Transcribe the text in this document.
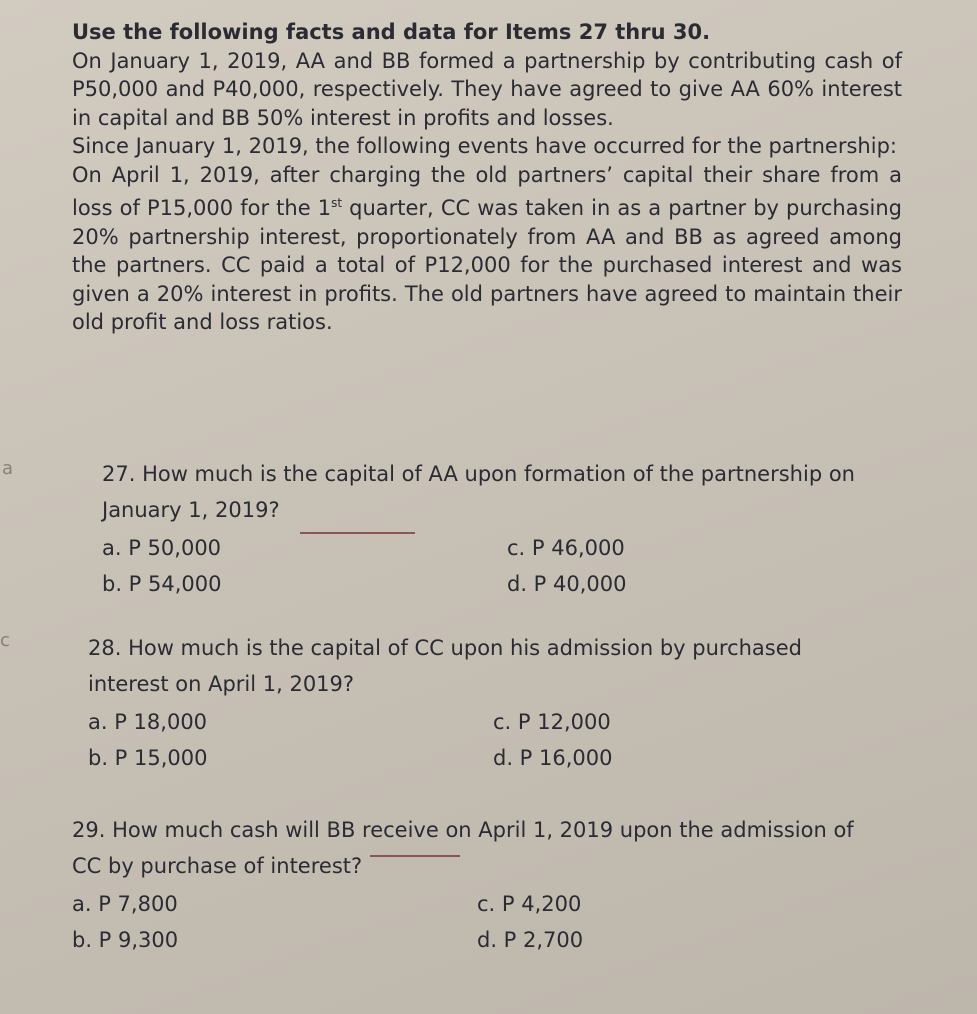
Use the following facts and data for Items 27 thru 30.

On January 1, 2019, AA and BB formed a partnership by contributing cash of P50,000 and P40,000, respectively. They have agreed to give AA 60% interest in capital and BB 50% interest in profits and losses.

Since January 1, 2019, the following events have occurred for the partnership:

On April 1, 2019, after charging the old partners’ capital their share from a loss of P15,000 for the 1st quarter, CC was taken in as a partner by purchasing 20% partnership interest, proportionately from AA and BB as agreed among the partners. CC paid a total of P12,000 for the purchased interest and was given a 20% interest in profits. The old partners have agreed to maintain their old profit and loss ratios.

a	27. How much is the capital of AA upon formation of the partnership on January 1, 2019?

a. P 50,000
b. P 54,000
c. P 46,000
d. P 40,000
c	28. How much is the capital of CC upon his admission by purchased interest on April 1, 2019?

a. P 18,000
b. P 15,000
c. P 12,000
d. P 16,000

29. How much cash will BB receive on April 1, 2019 upon the admission of CC by purchase of interest?

a. P 7,800
b. P 9,300
c. P 4,200
d. P 2,700
